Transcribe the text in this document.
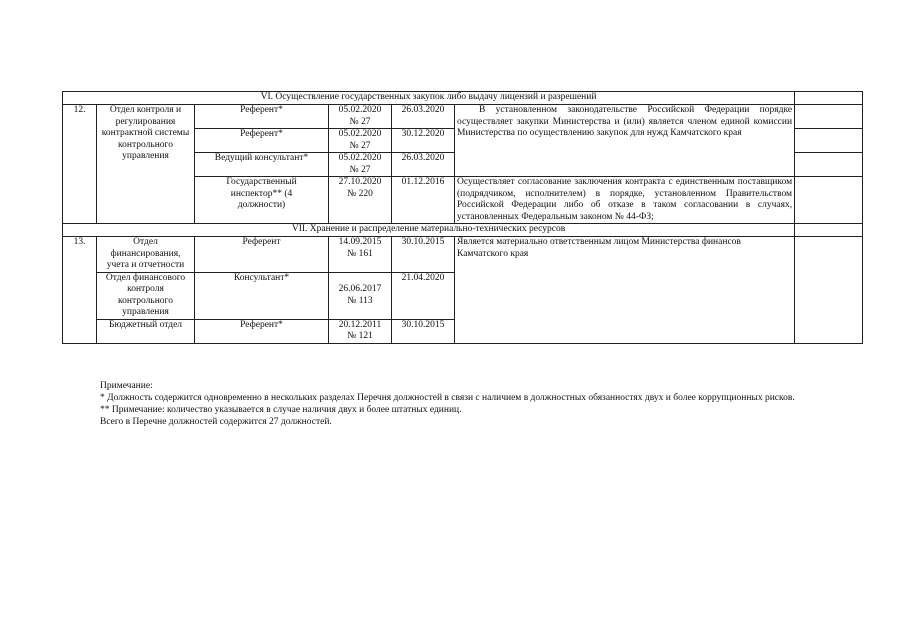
VI. Осуществление государственных закупок либо выдачу лицензий и разрешений						
12.	Отдел контроля и регулирования контрактной системы контрольного управления	Референт*	05.02.2020
№ 27	26.03.2020	В установленном законодательстве Российской Федерации порядке осуществляет закупки Министерства и (или) является членом единой комиссии Министерства по осуществлению закупок для нужд Камчатского края	
		Референт*	05.02.2020
№ 27	30.12.2020		
		Ведущий консультант*	05.02.2020
№ 27	26.03.2020		
		Государственный инспектор** (4 должности)	27.10.2020
№ 220	01.12.2016	Осуществляет согласование заключения контракта с единственным поставщиком (подрядчиком, исполнителем) в порядке, установленном Правительством Российской Федерации либо об отказе в таком согласовании в случаях, установленных Федеральным законом № 44-ФЗ;	
VII. Хранение и распределение материально-технических ресурсов						
13.	Отдел финансирования, учета и отчетности	Референт	14.09.2015
№ 161	30.10.2015	Является материально ответственным лицом Министерства финансов Камчатского края	
	Отдел финансового контроля контрольного управления	Консультант*	26.06.2017
№ 113	21.04.2020		
	Бюджетный отдел	Референт*	20.12.2011
№ 121	30.10.2015		

Примечание:

* Должность содержится одновременно в нескольких разделах Перечня должностей в связи с наличием в должностных обязанностях двух и более коррупционных рисков.

** Примечание: количество указывается в случае наличия двух и более штатных единиц.

Всего в Перечне должностей содержится 27 должностей.
